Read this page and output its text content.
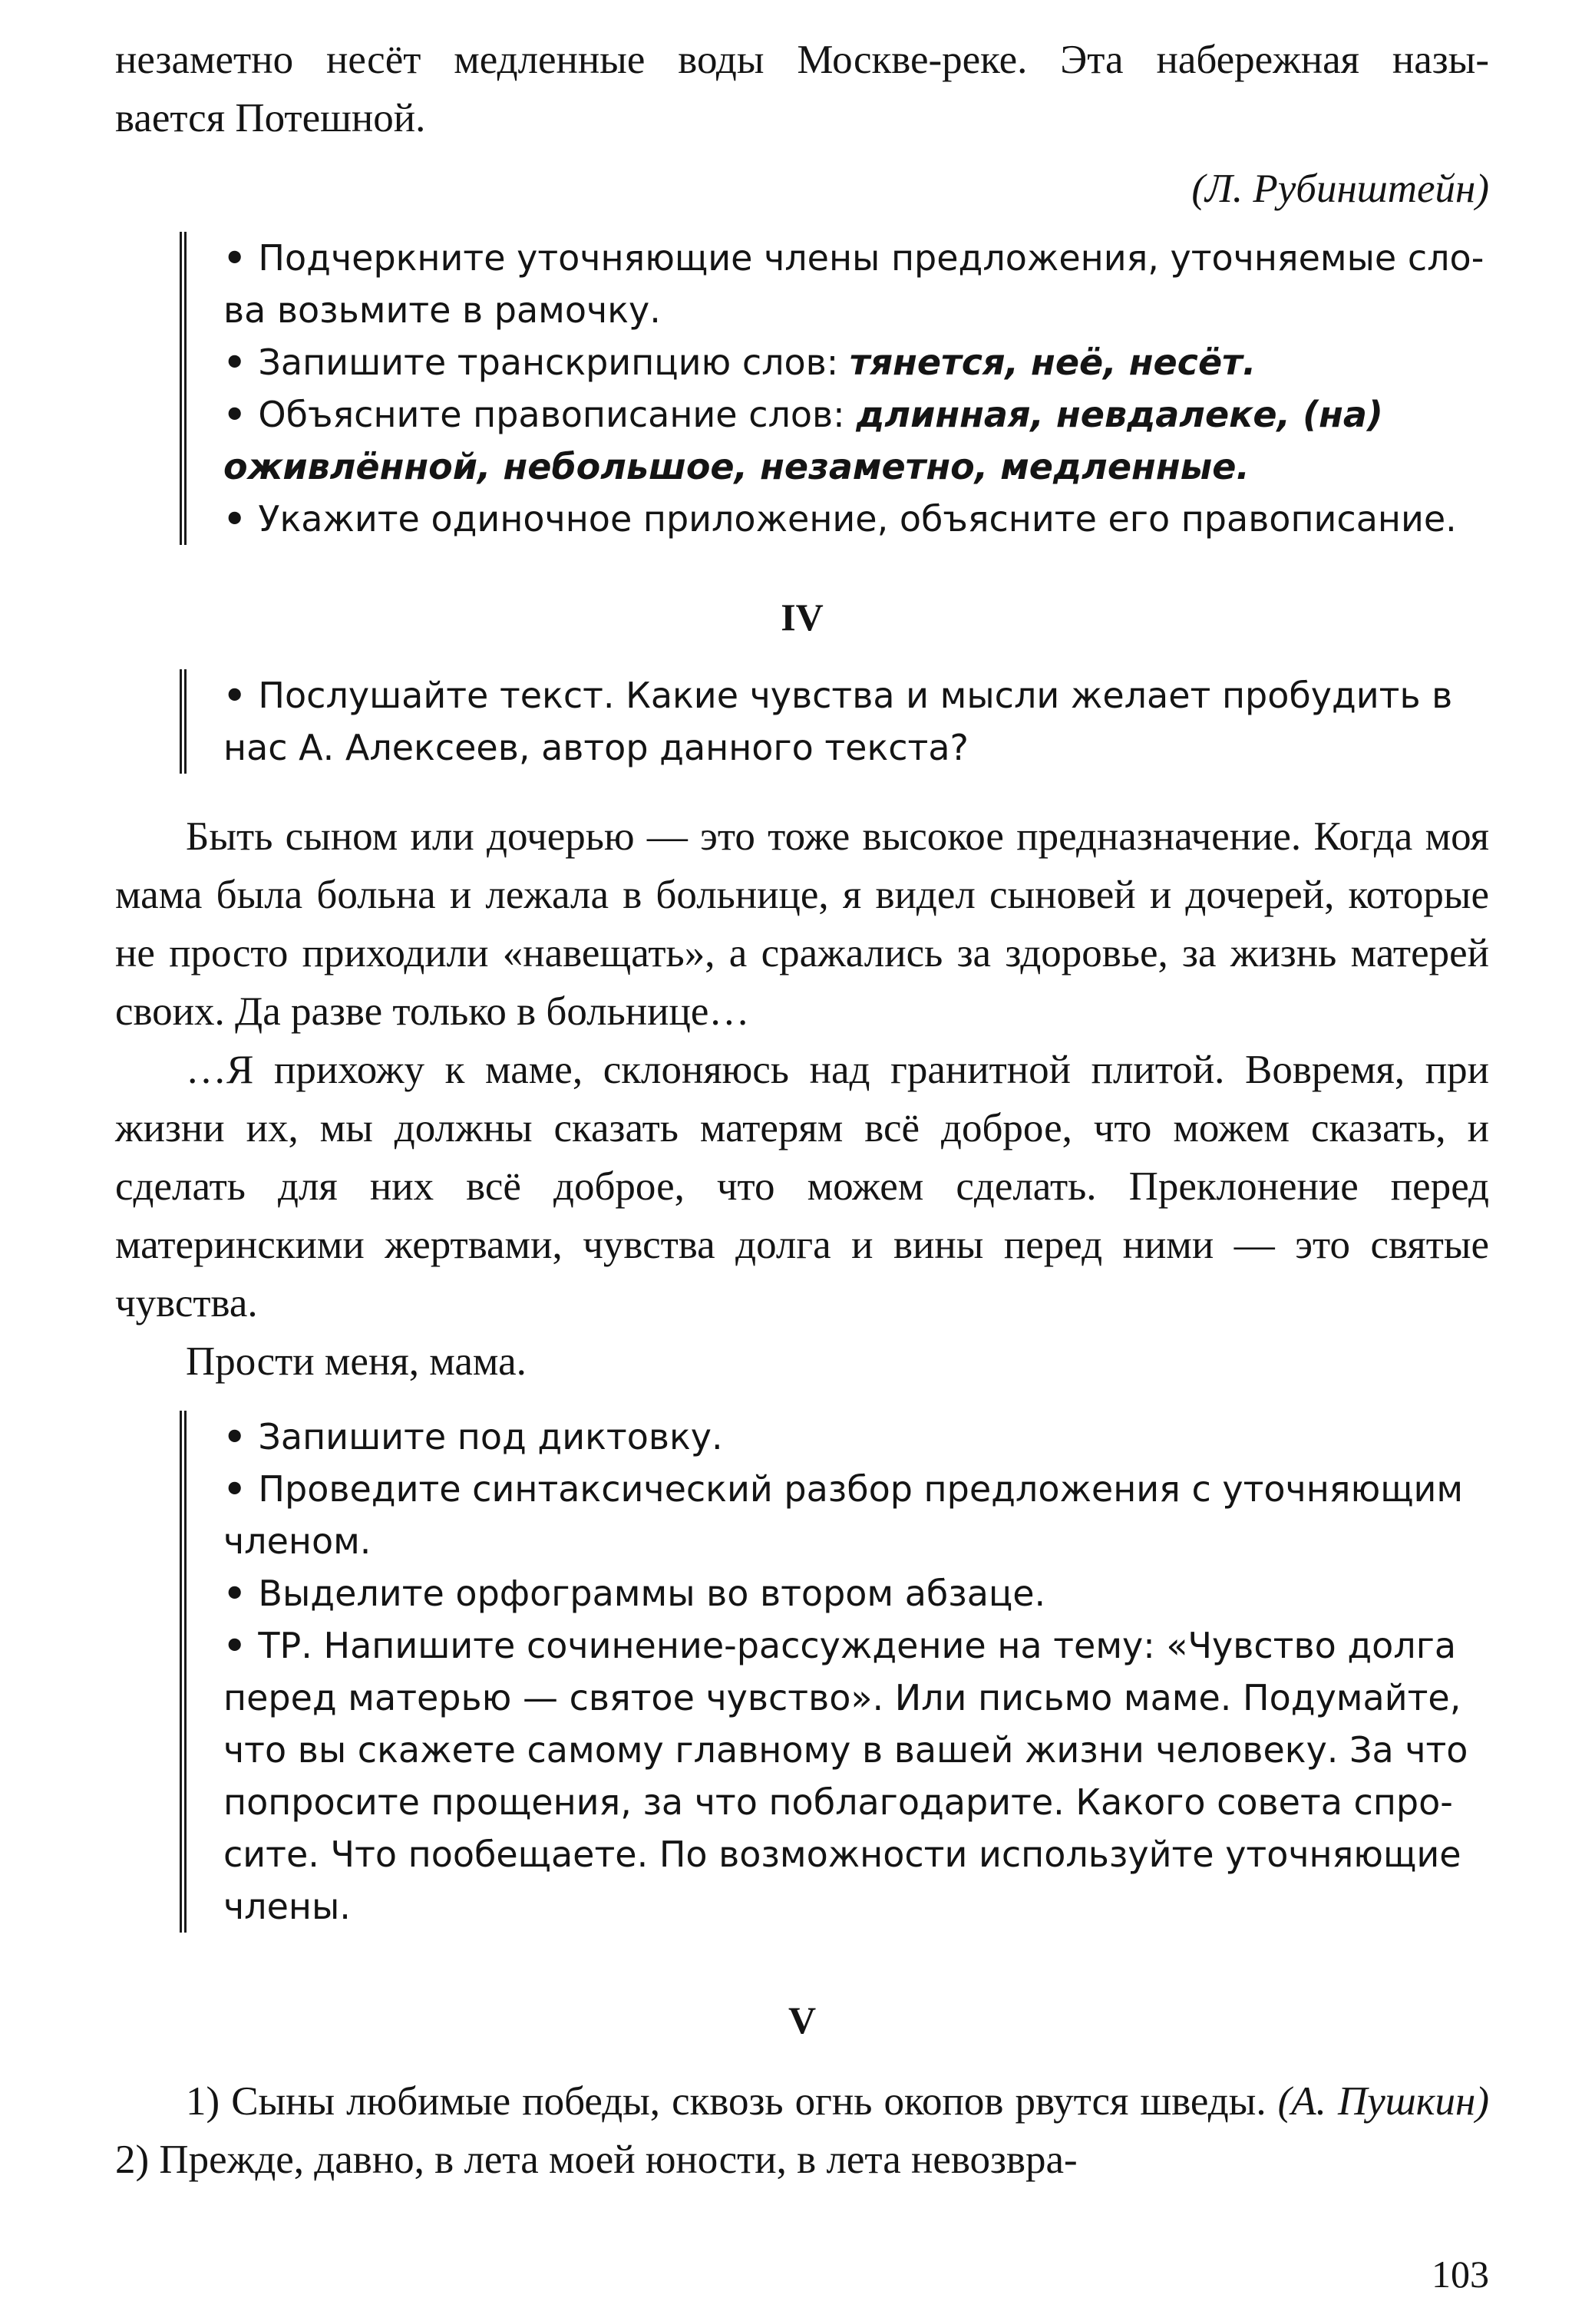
незаметно несёт медленные воды Москве-реке. Эта набережная назы-

вается Потешной.

(Л. Рубинштейн)

• Подчеркните уточняющие члены предложения, уточняемые слова возьмите в рамочку.

• Запишите транскрипцию слов: тянется, неё, несёт.

• Объясните правописание слов: длинная, невдалеке, (на) оживлённой, небольшое, незаметно, медленные.

• Укажите одиночное приложение, объясните его правописание.

IV

• Послушайте текст. Какие чувства и мысли желает пробудить в нас А. Алексеев, автор данного текста?

Быть сыном или дочерью — это тоже высокое предназначение. Когда моя мама была больна и лежала в больнице, я видел сыновей и дочерей, которые не просто приходили «навещать», а сражались за здоровье, за жизнь матерей своих. Да разве только в больнице…

…Я прихожу к маме, склоняюсь над гранитной плитой. Вовремя, при жизни их, мы должны сказать матерям всё доброе, что можем сказать, и сделать для них всё доброе, что можем сделать. Преклонение перед материнскими жертвами, чувства долга и вины перед ними — это святые чувства.

Прости меня, мама.

• Запишите под диктовку.

• Проведите синтаксический разбор предложения с уточняющим членом.

• Выделите орфограммы во втором абзаце.

• ТР. Напишите сочинение-рассуждение на тему: «Чувство долга перед матерью — святое чувство». Или письмо маме. Подумайте, что вы скажете самому главному в вашей жизни человеку. За что попросите прощения, за что поблагодарите. Какого совета спросите. Что пообещаете. По возможности используйте уточняющие члены.

V

1) Сыны любимые победы, сквозь огнь окопов рвутся шведы. (А. Пушкин) 2) Прежде, давно, в лета моей юности, в лета невозвра-

103
